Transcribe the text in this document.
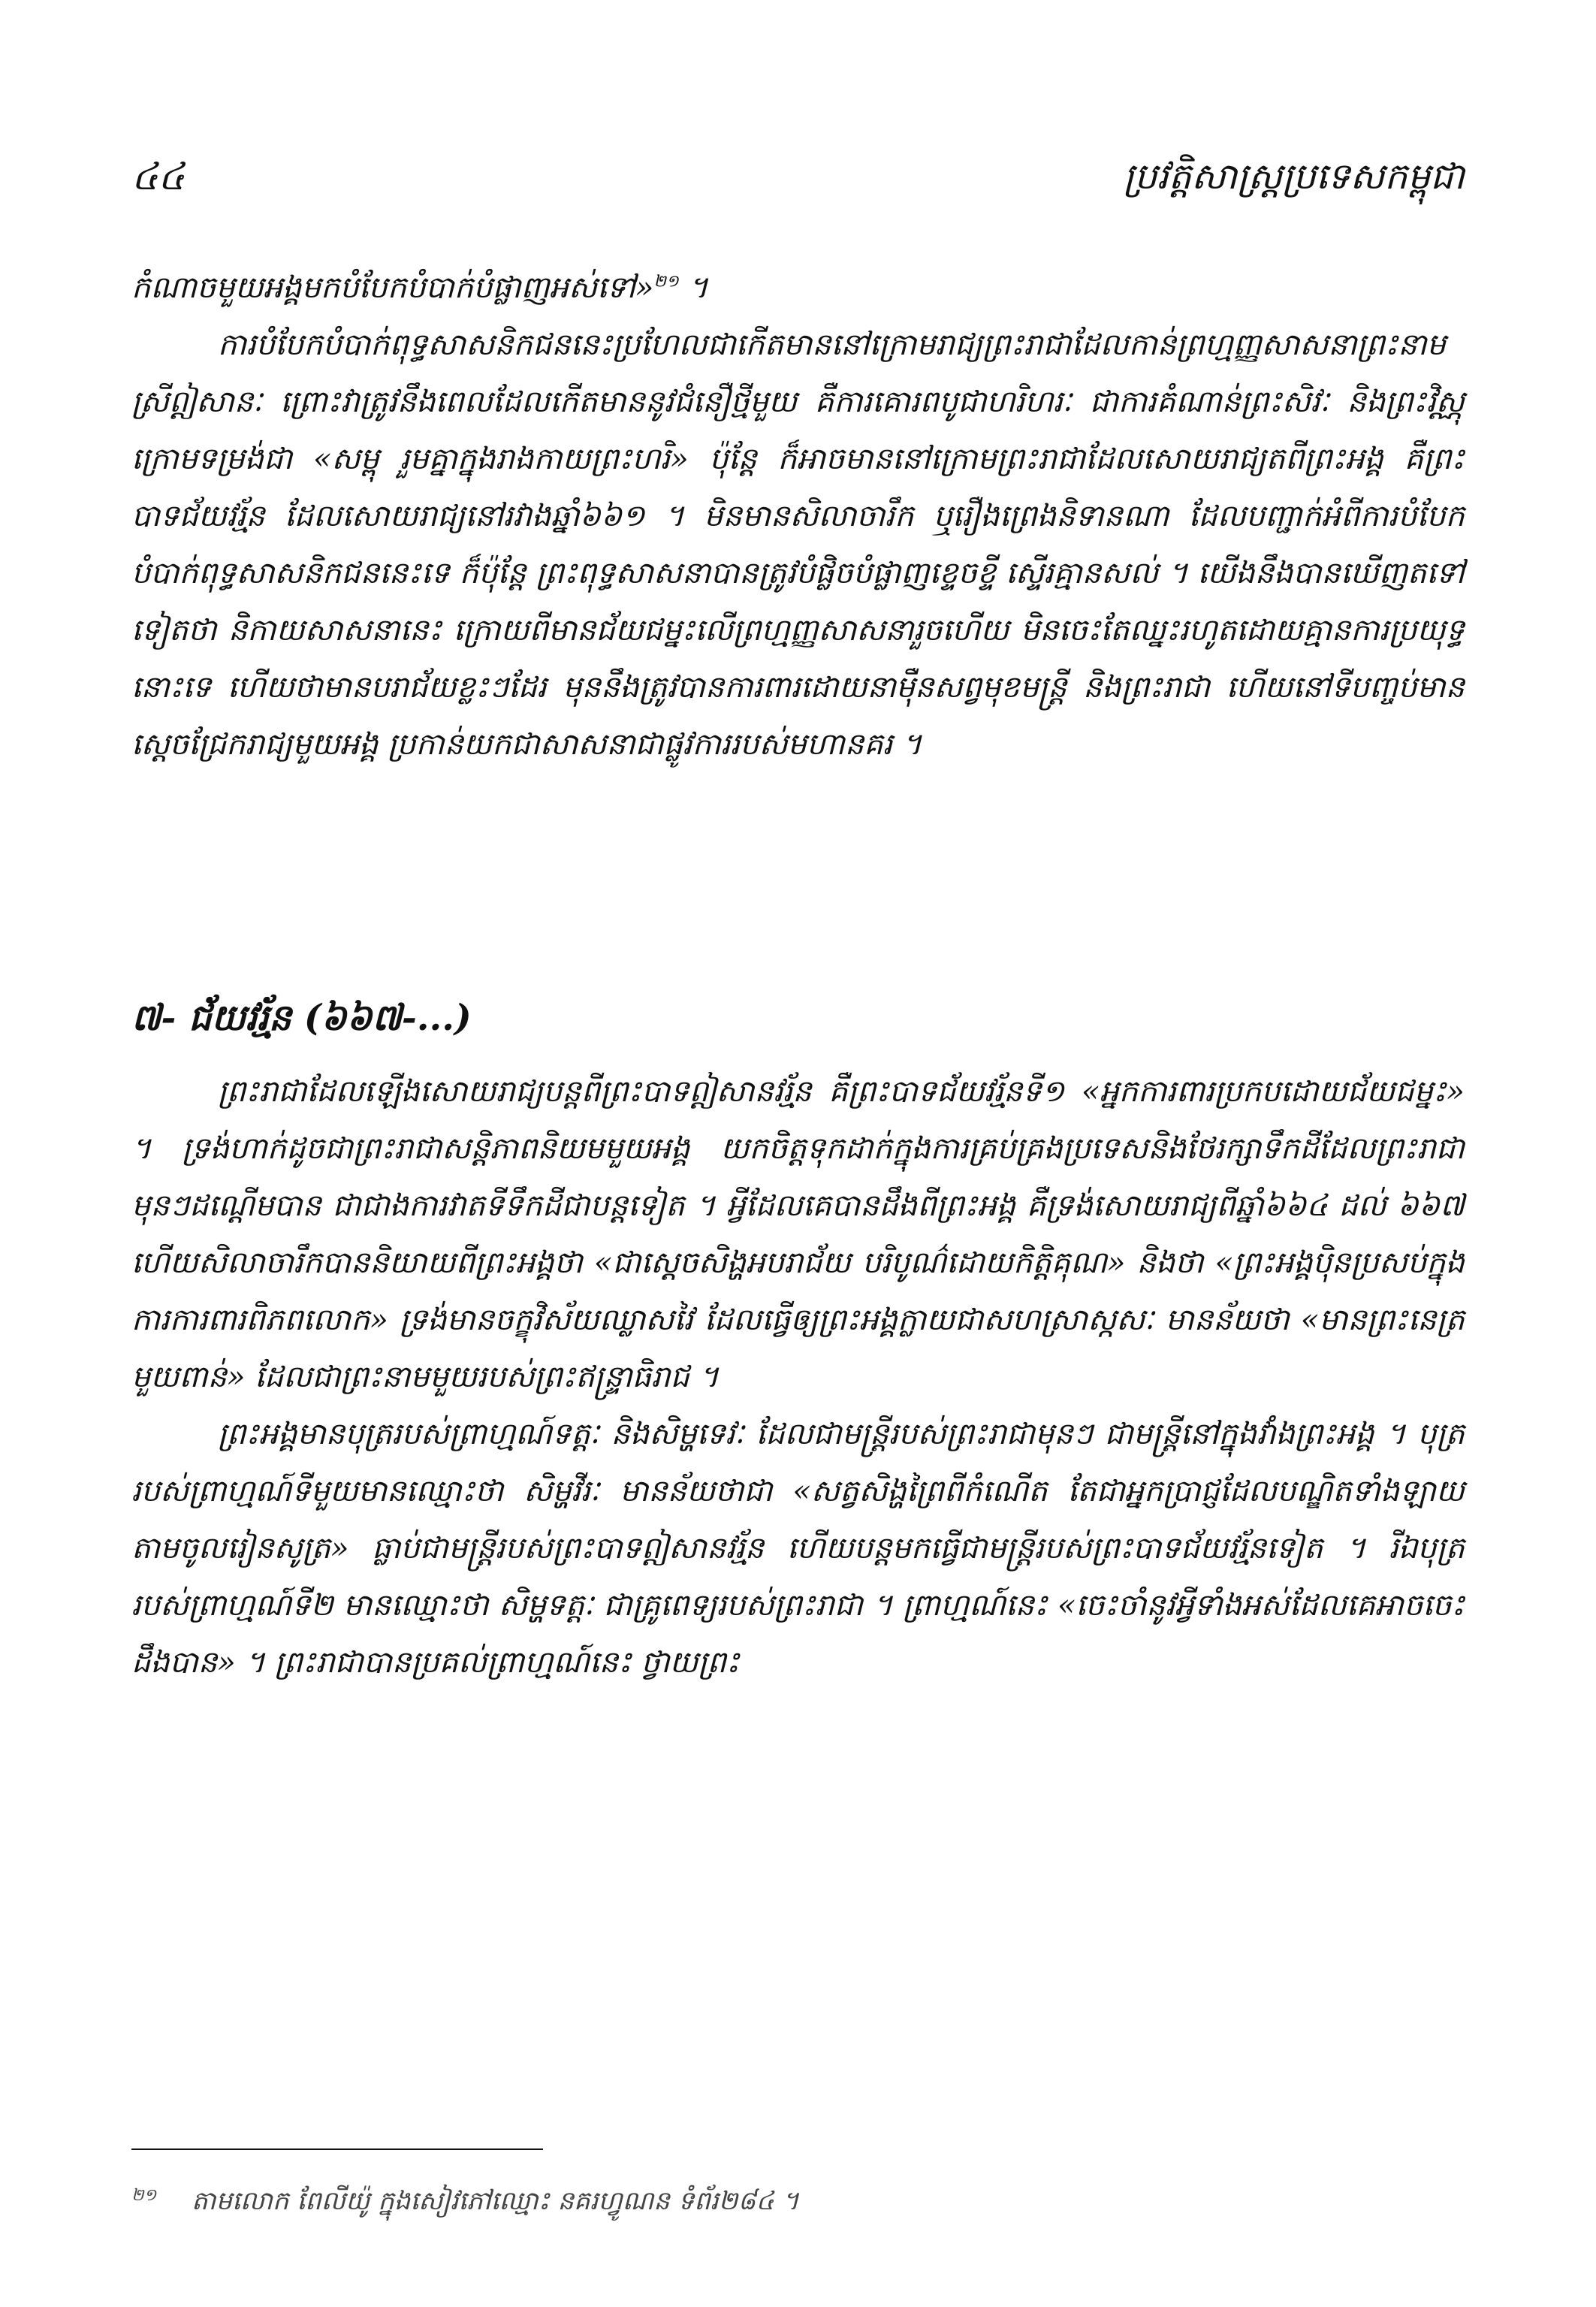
៤៤	ប្រវត្តិសាស្ត្រប្រទេសកម្ពុជា

កំណាចមួយអង្គមកបំបែកបំបាក់បំផ្លាញអស់ទៅ»$^{២១}$ ។

ការបំបែកបំបាក់ពុទ្ធសាសនិកជននេះប្រហែលជាកើតមាននៅក្រោមរាជ្យព្រះរាជាដែលកាន់ព្រហ្មញ្ញសាសនាព្រះនាមស្រីឦសានៈ ព្រោះវាត្រូវនឹងពេលដែលកើតមាននូវជំនឿថ្មីមួយ គឺការគោរពបូជាហរិហរៈ ជាការគំណាន់ព្រះសិវៈ និងព្រះវិស្ណុក្រោមទម្រង់ជា «សម្ពុ រួមគ្នាក្នុងរាងកាយព្រះហរិ» ប៉ុន្តែ ក៏អាចមាននៅក្រោមព្រះរាជាដែលសោយរាជ្យតពីព្រះអង្គ គឺព្រះបាទជ័យវរ្ម័ន ដែលសោយរាជ្យនៅរវាងឆ្នាំ៦៦១ ។ មិនមានសិលាចារឹក ឬរឿងព្រេងនិទានណា ដែលបញ្ជាក់អំពីការបំបែកបំបាក់ពុទ្ធសាសនិកជននេះទេ ក៏ប៉ុន្តែ ព្រះពុទ្ធសាសនាបានត្រូវបំផ្លិចបំផ្លាញខ្ទេចខ្ទី ស្ទើរគ្មានសល់ ។ យើងនឹងបានឃើញតទៅទៀតថា និកាយសាសនានេះ ក្រោយពីមានជ័យជម្នះលើព្រហ្មញ្ញសាសនារួចហើយ មិនចេះតែឈ្នះរហូតដោយគ្មានការប្រយុទ្ធនោះទេ ហើយថាមានបរាជ័យខ្លះៗដែរ មុននឹងត្រូវបានការពារដោយនាម៉ឺនសព្វមុខមន្ត្រី និងព្រះរាជា ហើយនៅទីបញ្ចប់មានស្តេចជ្រែករាជ្យមួយអង្គ ប្រកាន់យកជាសាសនាជាផ្លូវការរបស់មហានគរ ។

៧- ជ័យវរ្ម័ន (៦៦៧-...)

ព្រះរាជាដែលឡើងសោយរាជ្យបន្តពីព្រះបាទឦសានវរ្ម័ន គឺព្រះបាទជ័យវរ្ម័នទី១ «អ្នកការពារប្រកបដោយជ័យជម្នះ» ។ ទ្រង់ហាក់ដូចជាព្រះរាជាសន្តិភាពនិយមមួយអង្គ យកចិត្តទុកដាក់ក្នុងការគ្រប់គ្រងប្រទេសនិងថែរក្សាទឹកដីដែលព្រះរាជាមុនៗដណ្តើមបាន ជាជាងការវាតទីទឹកដីជាបន្តទៀត ។ អ្វីដែលគេបានដឹងពីព្រះអង្គ គឺទ្រង់សោយរាជ្យពីឆ្នាំ៦៦៤ ដល់ ៦៦៧ ហើយសិលាចារឹកបាននិយាយពីព្រះអង្គថា «ជាស្តេចសិង្ហអបរាជ័យ បរិបូណ៌ដោយកិត្តិគុណ» និងថា «ព្រះអង្គប៉ិនប្រសប់ក្នុងការការពារពិភពលោក» ទ្រង់មានចក្ខុវិស័យឈ្លាសវៃ ដែលធ្វើឲ្យព្រះអង្គក្លាយជាសហស្រាស្កសៈ មានន័យថា «មានព្រះនេត្រមួយពាន់» ដែលជាព្រះនាមមួយរបស់ព្រះឥន្ទ្រាធិរាជ ។

ព្រះអង្គមានបុត្ររបស់ព្រាហ្មណ៍ទត្តៈ និងសិម្ហទេវៈ ដែលជាមន្ត្រីរបស់ព្រះរាជាមុនៗ ជាមន្ត្រីនៅក្នុងវាំងព្រះអង្គ ។ បុត្ររបស់ព្រាហ្មណ៍ទីមួយមានឈ្មោះថា សិម្ហវីរៈ មានន័យថាជា «សត្វសិង្ហព្រៃពីកំណើត តែជាអ្នកប្រាជ្ញដែលបណ្ឌិតទាំងឡាយតាមចូលរៀនសូត្រ» ធ្លាប់ជាមន្ត្រីរបស់ព្រះបាទឦសានវរ្ម័ន ហើយបន្តមកធ្វើជាមន្ត្រីរបស់ព្រះបាទជ័យវរ្ម័នទៀត ។ រីឯបុត្ររបស់ព្រាហ្មណ៍ទី២ មានឈ្មោះថា សិម្ហទត្តៈ ជាគ្រូពេទ្យរបស់ព្រះរាជា ។ ព្រាហ្មណ៍នេះ «ចេះចាំនូវអ្វីទាំងអស់ដែលគេអាចចេះដឹងបាន» ។ ព្រះរាជាបានប្រគល់ព្រាហ្មណ៍នេះ ថ្វាយព្រះ

២១ តាមលោក ពែលីយ៉ូ ក្នុងសៀវភៅឈ្មោះ នគរហ្វូណន ទំព័រ២៨៤ ។
